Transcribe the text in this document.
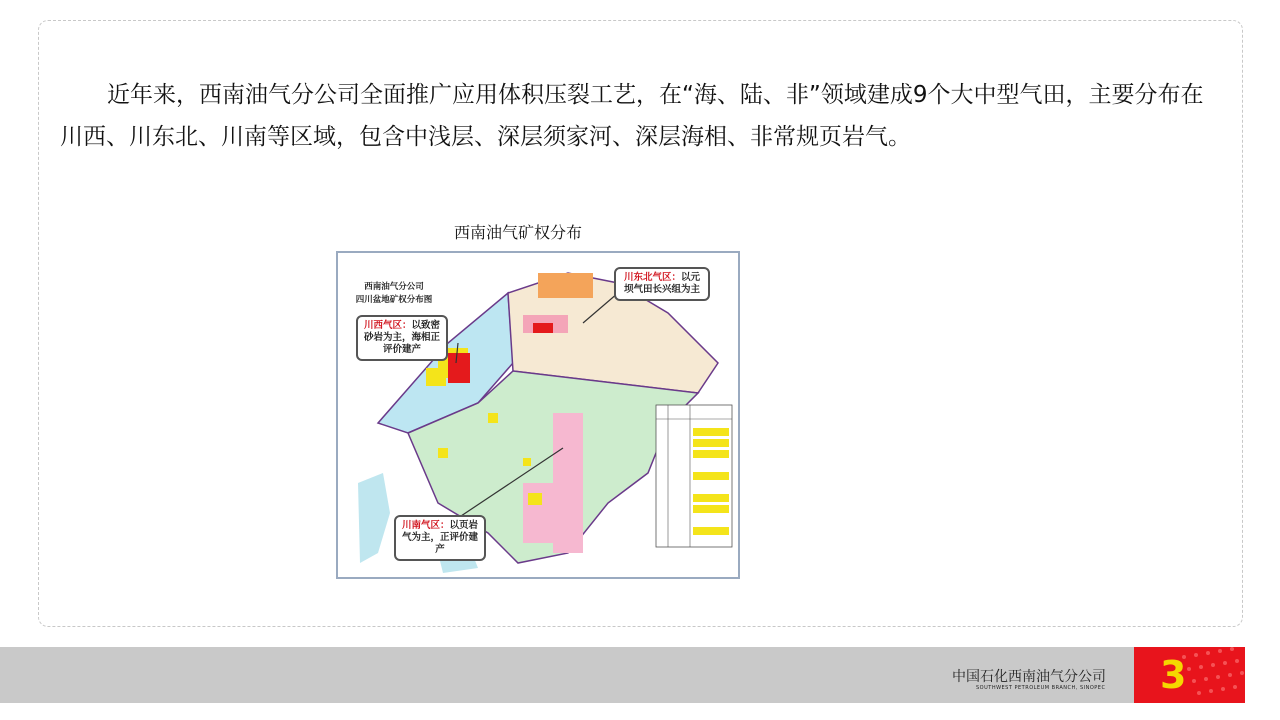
近年来，西南油气分公司全面推广应用体积压裂工艺，在“海、陆、非”领域建成9个大中型气田，主要分布在川西、川东北、川南等区域，包含中浅层、深层须家河、深层海相、非常规页岩气。

西南油气矿权分布

西南油气分公司
四川盆地矿权分布图
川西气区：以致密砂岩为主，海相正评价建产
川东北气区：以元坝气田长兴组为主
川南气区：以页岩气为主，正评价建产
中国石化西南油气分公司
SOUTHWEST PETROLEUM BRANCH, SINOPEC 3
